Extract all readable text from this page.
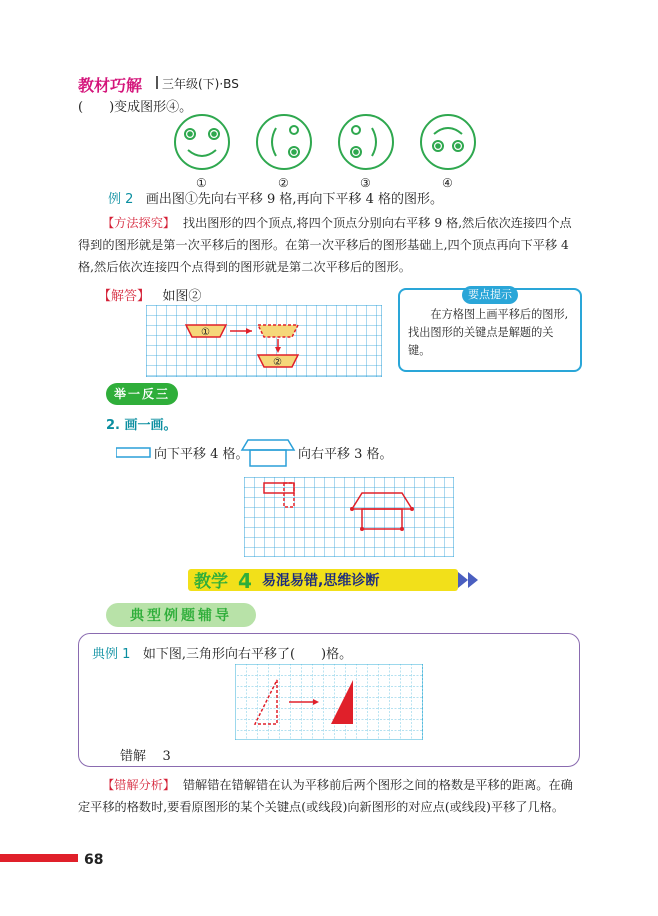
教材巧解 三年级(下)·BS
(　　)变成图形④。
①	②	③	④
例 2 画出图①先向右平移 9 格,再向下平移 4 格的图形。
【方法探究】 找出图形的四个顶点,将四个顶点分别向右平移 9 格,然后依次连接四个点得到的图形就是第一次平移后的图形。在第一次平移后的图形基础上,四个顶点再向下平移 4 格,然后依次连接四个点得到的图形就是第二次平移后的图形。
【解答】 如图②
①
②
要点提示
在方格图上画平移后的图形,找出图形的关键点是解题的关键。
举一反三
2. 画一画。
向下平移 4 格。	向右平移 3 格。
教学 4 易混易错,思维诊断
典型例题辅导
典例 1 如下图,三角形向右平移了(　　)格。
错解 3
【错解分析】 错解错在错解错在认为平移前后两个图形之间的格数是平移的距离。在确定平移的格数时,要看原图形的某个关键点(或线段)向新图形的对应点(或线段)平移了几格。
68
